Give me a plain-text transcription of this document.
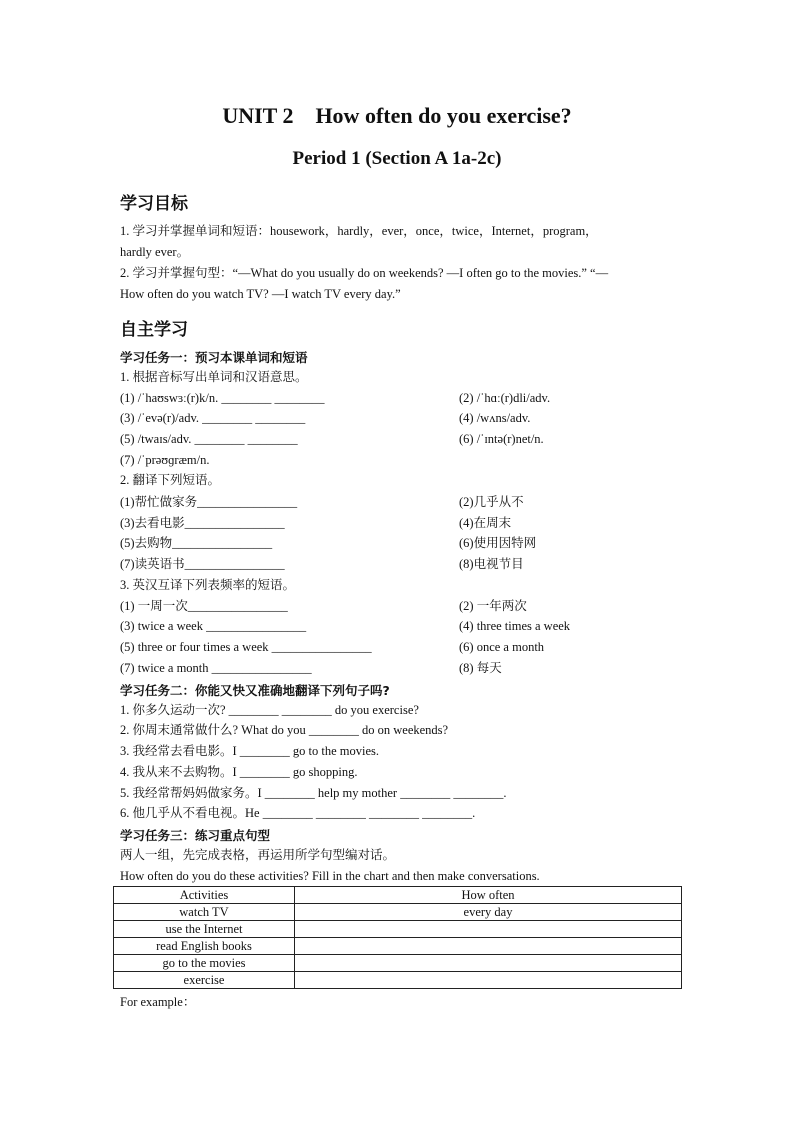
UNIT 2    How often do you exercise?
Period 1 (Section A 1a-2c)
学习目标
1. 学习并掌握单词和短语：housework，hardly，ever，once，twice，Internet，program，
hardly ever。
2. 学习并掌握句型：“—What do you usually do on weekends? —I often go to the movies.” “—
How often do you watch TV? —I watch TV every day.”
自主学习
学习任务一：预习本课单词和短语
1. 根据音标写出单词和汉语意思。
(1) /ˈhaʊswɜː(r)k/n. ________ ________	(2) /ˈhɑː(r)dli/adv.
(3) /ˈevə(r)/adv. ________ ________	(4) /wʌns/adv.
(5) /twaɪs/adv. ________ ________	(6) /ˈɪntə(r)net/n.
(7) /ˈprəʊɡræm/n.
2. 翻译下列短语。
(1)帮忙做家务________________	(2)几乎从不
(3)去看电影________________	(4)在周末
(5)去购物________________	(6)使用因特网
(7)读英语书________________	(8)电视节目
3. 英汉互译下列表频率的短语。
(1) 一周一次________________	(2) 一年两次
(3) twice a week ________________	(4) three times a week
(5) three or four times a week ________________	(6) once a month
(7) twice a month ________________	(8) 每天
学习任务二：你能又快又准确地翻译下列句子吗?
1. 你多久运动一次? ________ ________ do you exercise?
2. 你周末通常做什么? What do you ________ do on weekends?
3. 我经常去看电影。I ________ go to the movies.
4. 我从来不去购物。I ________ go shopping.
5. 我经常帮妈妈做家务。I ________ help my mother ________ ________.
6. 他几乎从不看电视。He ________ ________ ________ ________.
学习任务三：练习重点句型
两人一组，先完成表格，再运用所学句型编对话。
How often do you do these activities? Fill in the chart and then make conversations.
Activities	How often
watch TV	every day
use the Internet	
read English books	
go to the movies	
exercise	
For example：
